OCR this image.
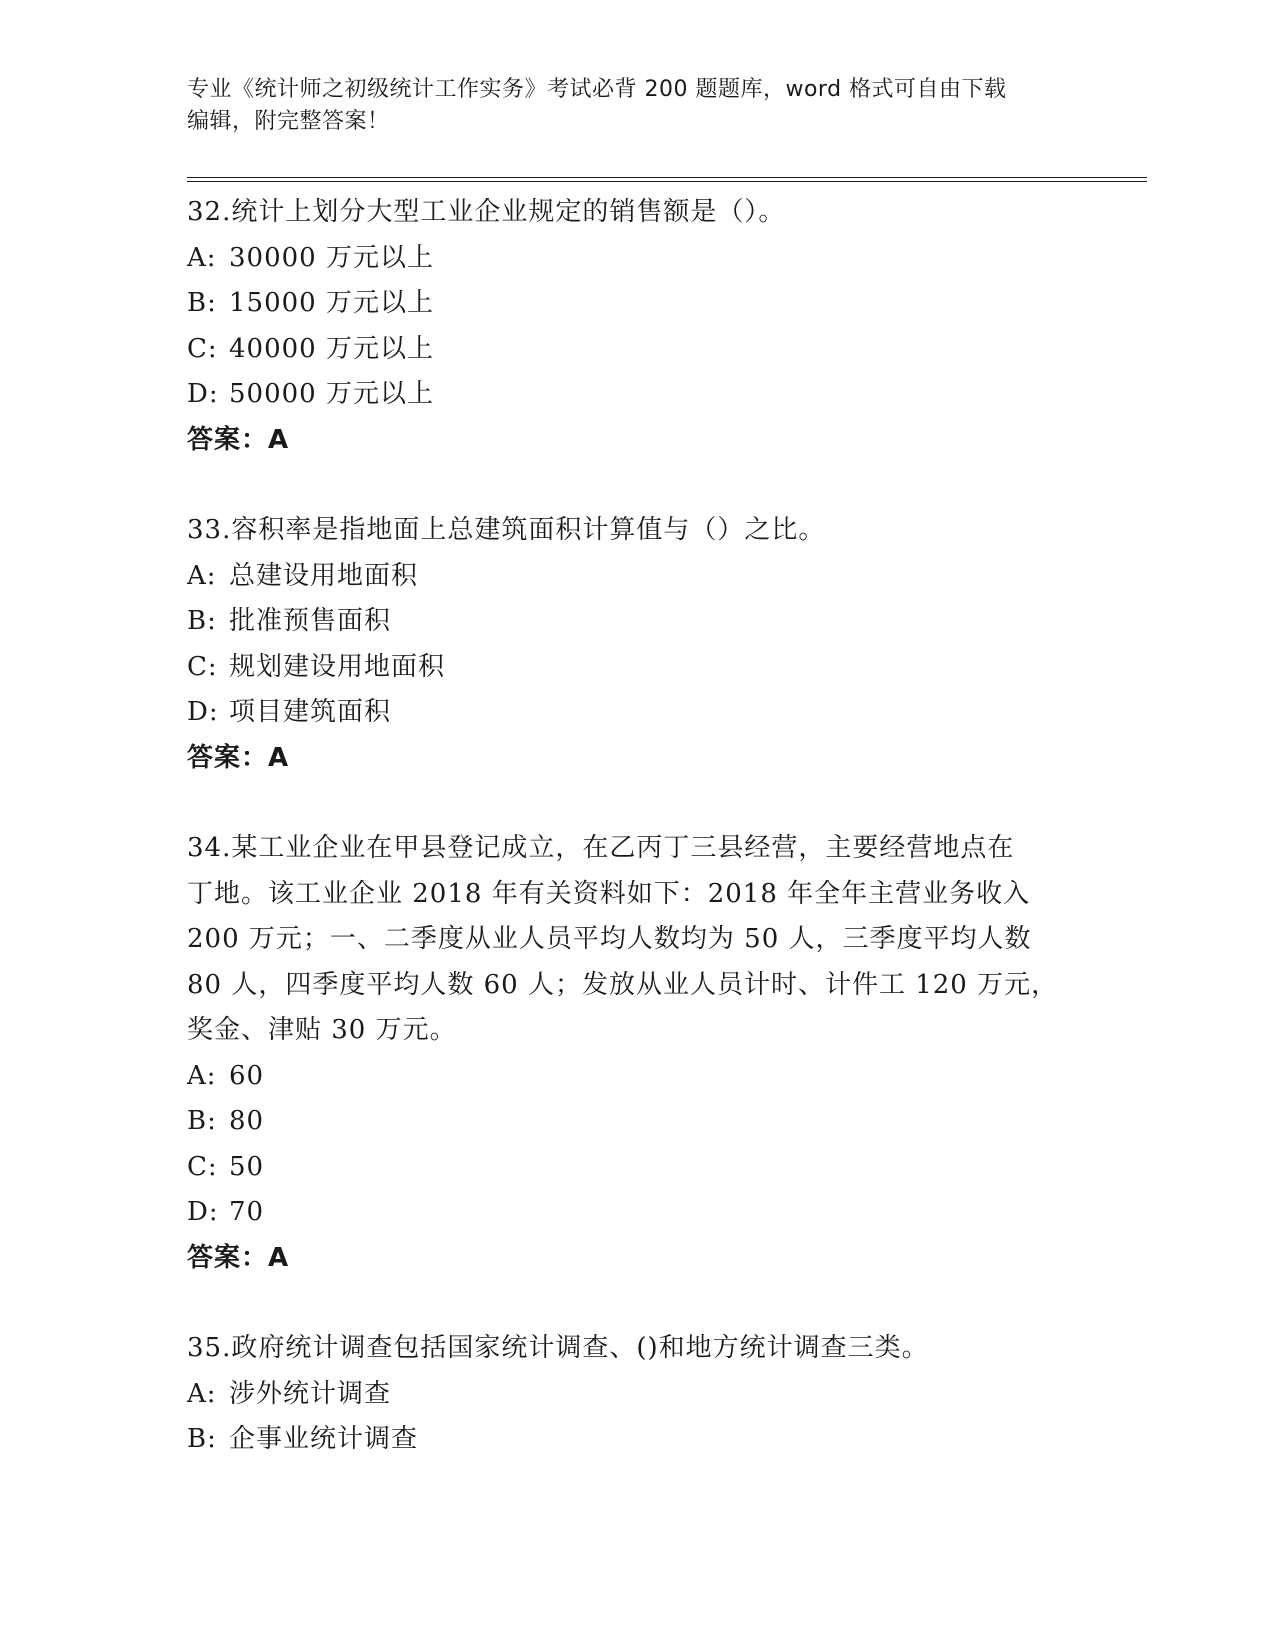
专业《统计师之初级统计工作实务》考试必背 200 题题库，word 格式可自由下载
编辑，附完整答案！
32.统计上划分大型工业企业规定的销售额是（）。
A: 30000 万元以上
B: 15000 万元以上
C: 40000 万元以上
D: 50000 万元以上
答案：A
33.容积率是指地面上总建筑面积计算值与（）之比。
A: 总建设用地面积
B: 批准预售面积
C: 规划建设用地面积
D: 项目建筑面积
答案：A
34.某工业企业在甲县登记成立，在乙丙丁三县经营，主要经营地点在
丁地。该工业企业 2018 年有关资料如下：2018 年全年主营业务收入
200 万元；一、二季度从业人员平均人数均为 50 人，三季度平均人数
80 人，四季度平均人数 60 人；发放从业人员计时、计件工 120 万元，
奖金、津贴 30 万元。
A: 60
B: 80
C: 50
D: 70
答案：A
35.政府统计调查包括国家统计调查、()和地方统计调查三类。
A: 涉外统计调查
B: 企事业统计调查
